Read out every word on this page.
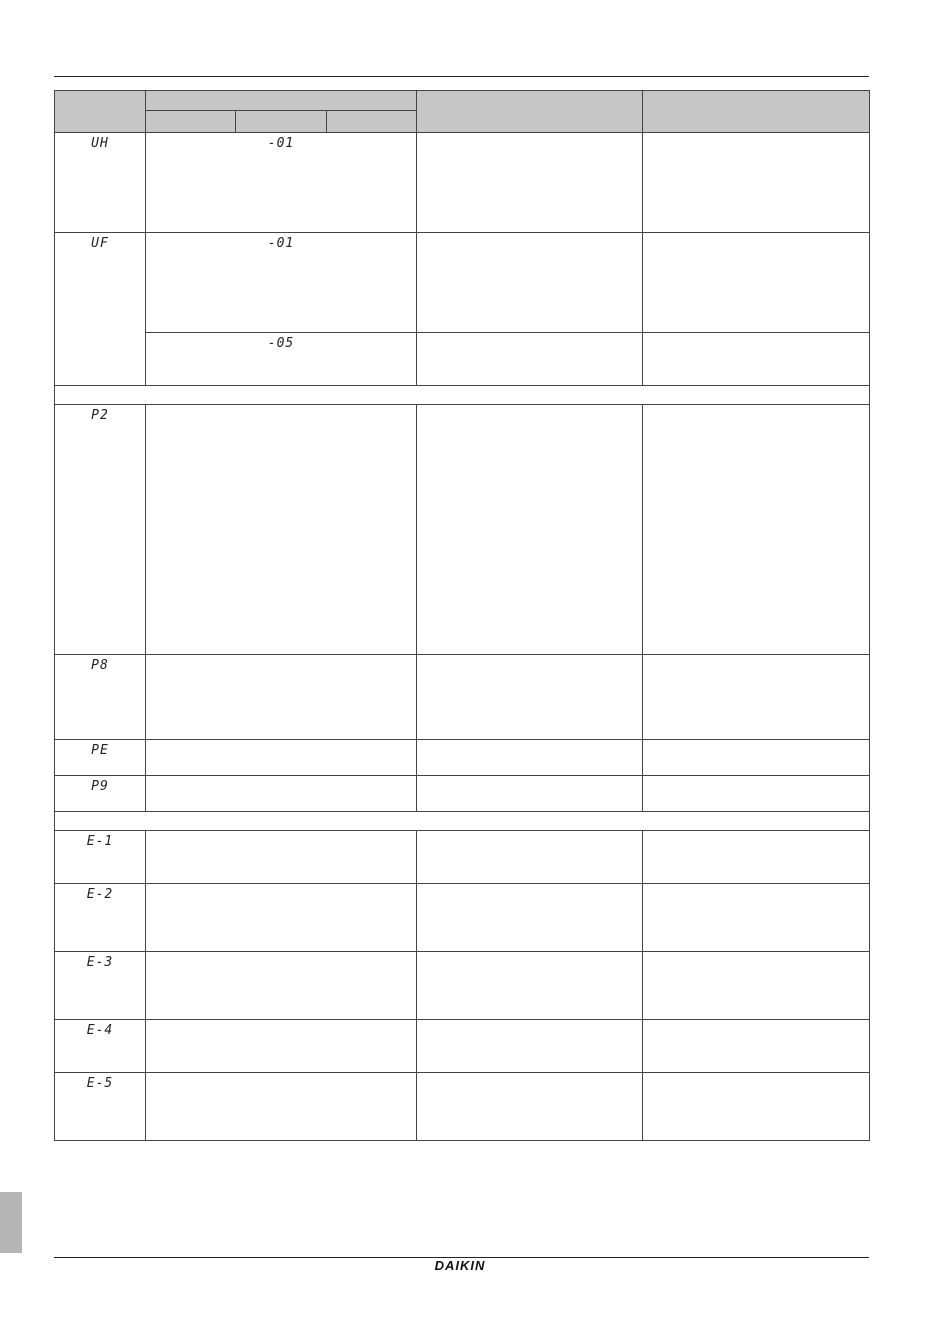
UH	-01				

UF	-01				

	-05				

P2					

P8					

PE					

P9					

E-1					

E-2					

E-3					

E-4					

E-5					

DAIKIN
